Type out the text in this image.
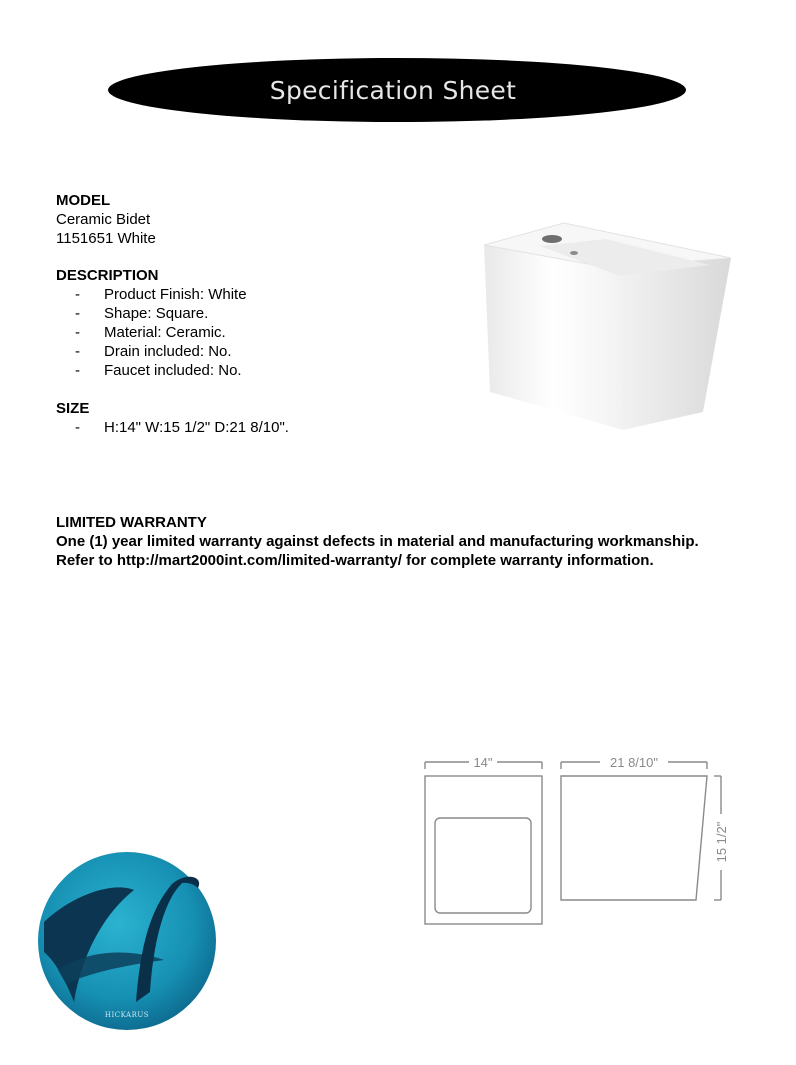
Specification Sheet
MODEL
Ceramic Bidet
1151651 White
DESCRIPTION
- Product Finish: White
- Shape: Square.
- Material: Ceramic.
- Drain included: No.
- Faucet included: No.
SIZE
- H:14" W:15 1/2" D:21 8/10".
LIMITED WARRANTY
One (1) year limited warranty against defects in material and manufacturing workmanship.
Refer to http://mart2000int.com/limited-warranty/ for complete warranty information.
14"	21 8/10"
15 1/2"
HICKARUS
